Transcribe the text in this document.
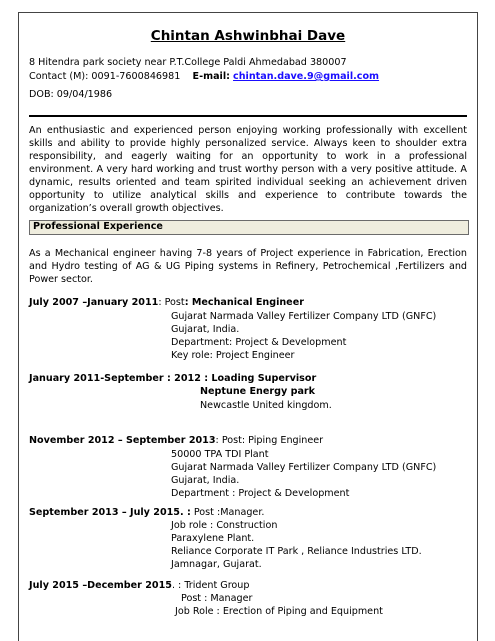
Chintan Ashwinbhai Dave
8 Hitendra park society near P.T.College Paldi Ahmedabad 380007
Contact (M): 0091-7600846981 E-mail: chintan.dave.9@gmail.com
DOB: 09/04/1986
An enthusiastic and experienced person enjoying working professionally with excellent skills and ability to provide highly personalized service. Always keen to shoulder extra responsibility, and eagerly waiting for an opportunity to work in a professional environment. A very hard working and trust worthy person with a very positive attitude. A dynamic, results oriented and team spirited individual seeking an achievement driven opportunity to utilize analytical skills and experience to contribute towards the organization’s overall growth objectives.
Professional Experience
As a Mechanical engineer having 7-8 years of Project experience in Fabrication, Erection and Hydro testing of AG & UG Piping systems in Refinery, Petrochemical ,Fertilizers and Power sector.
July 2007 –January 2011: Post: Mechanical Engineer
Gujarat Narmada Valley Fertilizer Company LTD (GNFC)
Gujarat, India.
Department: Project & Development
Key role: Project Engineer
January 2011-September : 2012 : Loading Supervisor
Neptune Energy park
Newcastle United kingdom.
November 2012 – September 2013: Post: Piping Engineer
50000 TPA TDI Plant
Gujarat Narmada Valley Fertilizer Company LTD (GNFC)
Gujarat, India.
Department : Project & Development
September 2013 – July 2015. : Post :Manager.
Job role : Construction
Paraxylene Plant.
Reliance Corporate IT Park , Reliance Industries LTD.
Jamnagar, Gujarat.
July 2015 –December 2015. : Trident Group
Post : Manager
Job Role : Erection of Piping and Equipment
